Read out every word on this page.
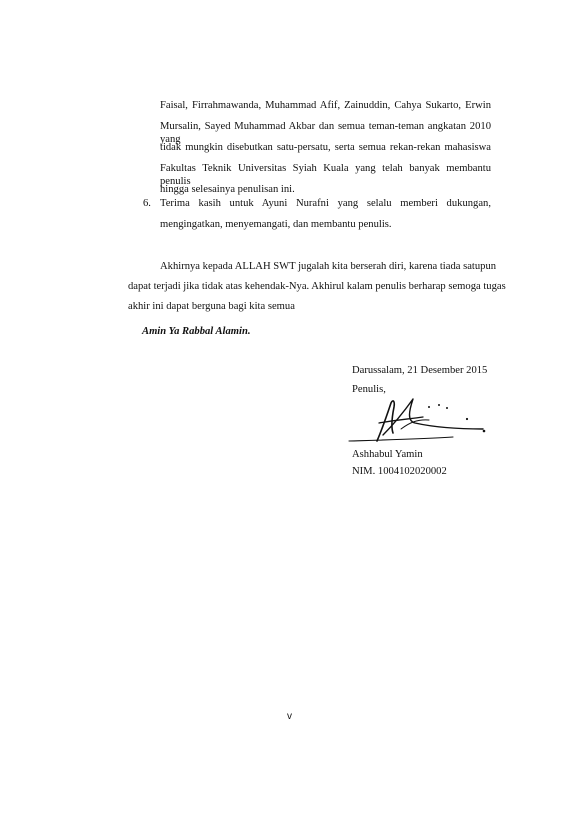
Faisal, Firrahmawanda, Muhammad Afif, Zainuddin, Cahya Sukarto, Erwin
Mursalin, Sayed Muhammad Akbar dan semua teman-teman angkatan 2010 yang
tidak mungkin disebutkan satu-persatu, serta semua rekan-rekan mahasiswa
Fakultas Teknik Universitas Syiah Kuala yang telah banyak membantu penulis
hingga selesainya penulisan ini.
6. Terima kasih untuk Ayuni Nurafni yang selalu memberi dukungan,
mengingatkan, menyemangati, dan membantu penulis.
Akhirnya kepada ALLAH SWT jugalah kita berserah diri, karena tiada satupun
dapat terjadi jika tidak atas kehendak-Nya. Akhirul kalam penulis berharap semoga tugas
akhir ini dapat berguna bagi kita semua
Amin Ya Rabbal Alamin.
Darussalam, 21 Desember 2015
Penulis,
Ashhabul Yamin
NIM. 1004102020002
v
